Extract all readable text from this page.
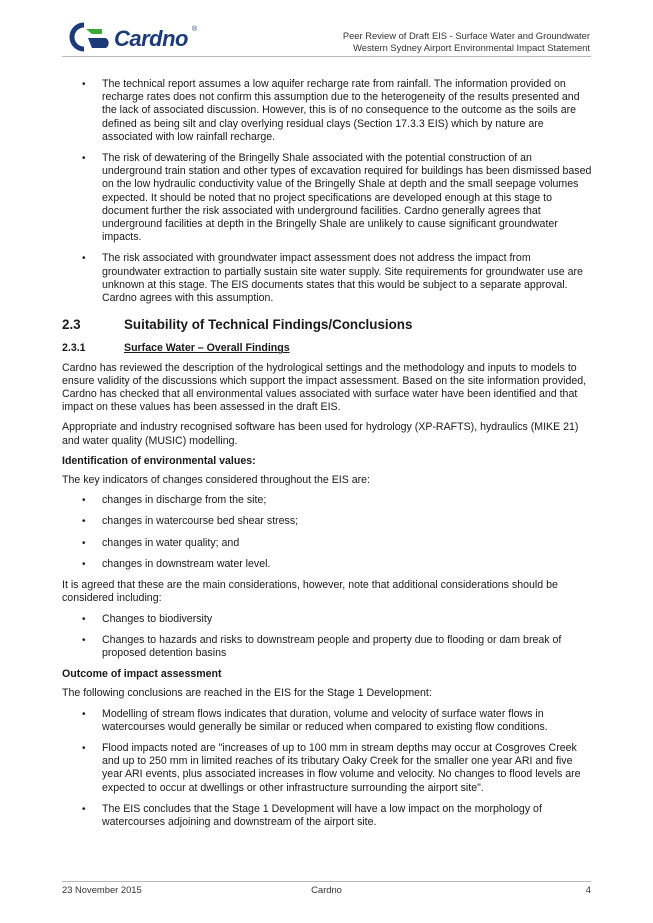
Cardno ®
Peer Review of Draft EIS - Surface Water and Groundwater
Western Sydney Airport Environmental Impact Statement
• The technical report assumes a low aquifer recharge rate from rainfall. The information provided on recharge rates does not confirm this assumption due to the heterogeneity of the results presented and the lack of associated discussion. However, this is of no consequence to the outcome as the soils are defined as being silt and clay overlying residual clays (Section 17.3.3 EIS) which by nature are associated with low rainfall recharge.
• The risk of dewatering of the Bringelly Shale associated with the potential construction of an underground train station and other types of excavation required for buildings has been dismissed based on the low hydraulic conductivity value of the Bringelly Shale at depth and the small seepage volumes expected. It should be noted that no project specifications are developed enough at this stage to document further the risk associated with underground facilities. Cardno generally agrees that underground facilities at depth in the Bringelly Shale are unlikely to cause significant groundwater impacts.
• The risk associated with groundwater impact assessment does not address the impact from groundwater extraction to partially sustain site water supply. Site requirements for groundwater use are unknown at this stage. The EIS documents states that this would be subject to a separate approval. Cardno agrees with this assumption.
2.3	Suitability of Technical Findings/Conclusions
2.3.1	Surface Water – Overall Findings

Cardno has reviewed the description of the hydrological settings and the methodology and inputs to models to ensure validity of the discussions which support the impact assessment. Based on the site information provided, Cardno has checked that all environmental values associated with surface water have been identified and that impact on these values has been assessed in the draft EIS.

Appropriate and industry recognised software has been used for hydrology (XP-RAFTS), hydraulics (MIKE 21) and water quality (MUSIC) modelling.

Identification of environmental values:

The key indicators of changes considered throughout the EIS are:

• changes in discharge from the site;
• changes in watercourse bed shear stress;
• changes in water quality; and
• changes in downstream water level.

It is agreed that these are the main considerations, however, note that additional considerations should be considered including:

• Changes to biodiversity
• Changes to hazards and risks to downstream people and property due to flooding or dam break of proposed detention basins
Outcome of impact assessment

The following conclusions are reached in the EIS for the Stage 1 Development:

• Modelling of stream flows indicates that duration, volume and velocity of surface water flows in watercourses would generally be similar or reduced when compared to existing flow conditions.
• Flood impacts noted are "increases of up to 100 mm in stream depths may occur at Cosgroves Creek and up to 250 mm in limited reaches of its tributary Oaky Creek for the smaller one year ARI and five year ARI events, plus associated increases in flow volume and velocity. No changes to flood levels are expected to occur at dwellings or other infrastructure surrounding the airport site".
• The EIS concludes that the Stage 1 Development will have a low impact on the morphology of watercourses adjoining and downstream of the airport site.
23 November 2015	Cardno	4
